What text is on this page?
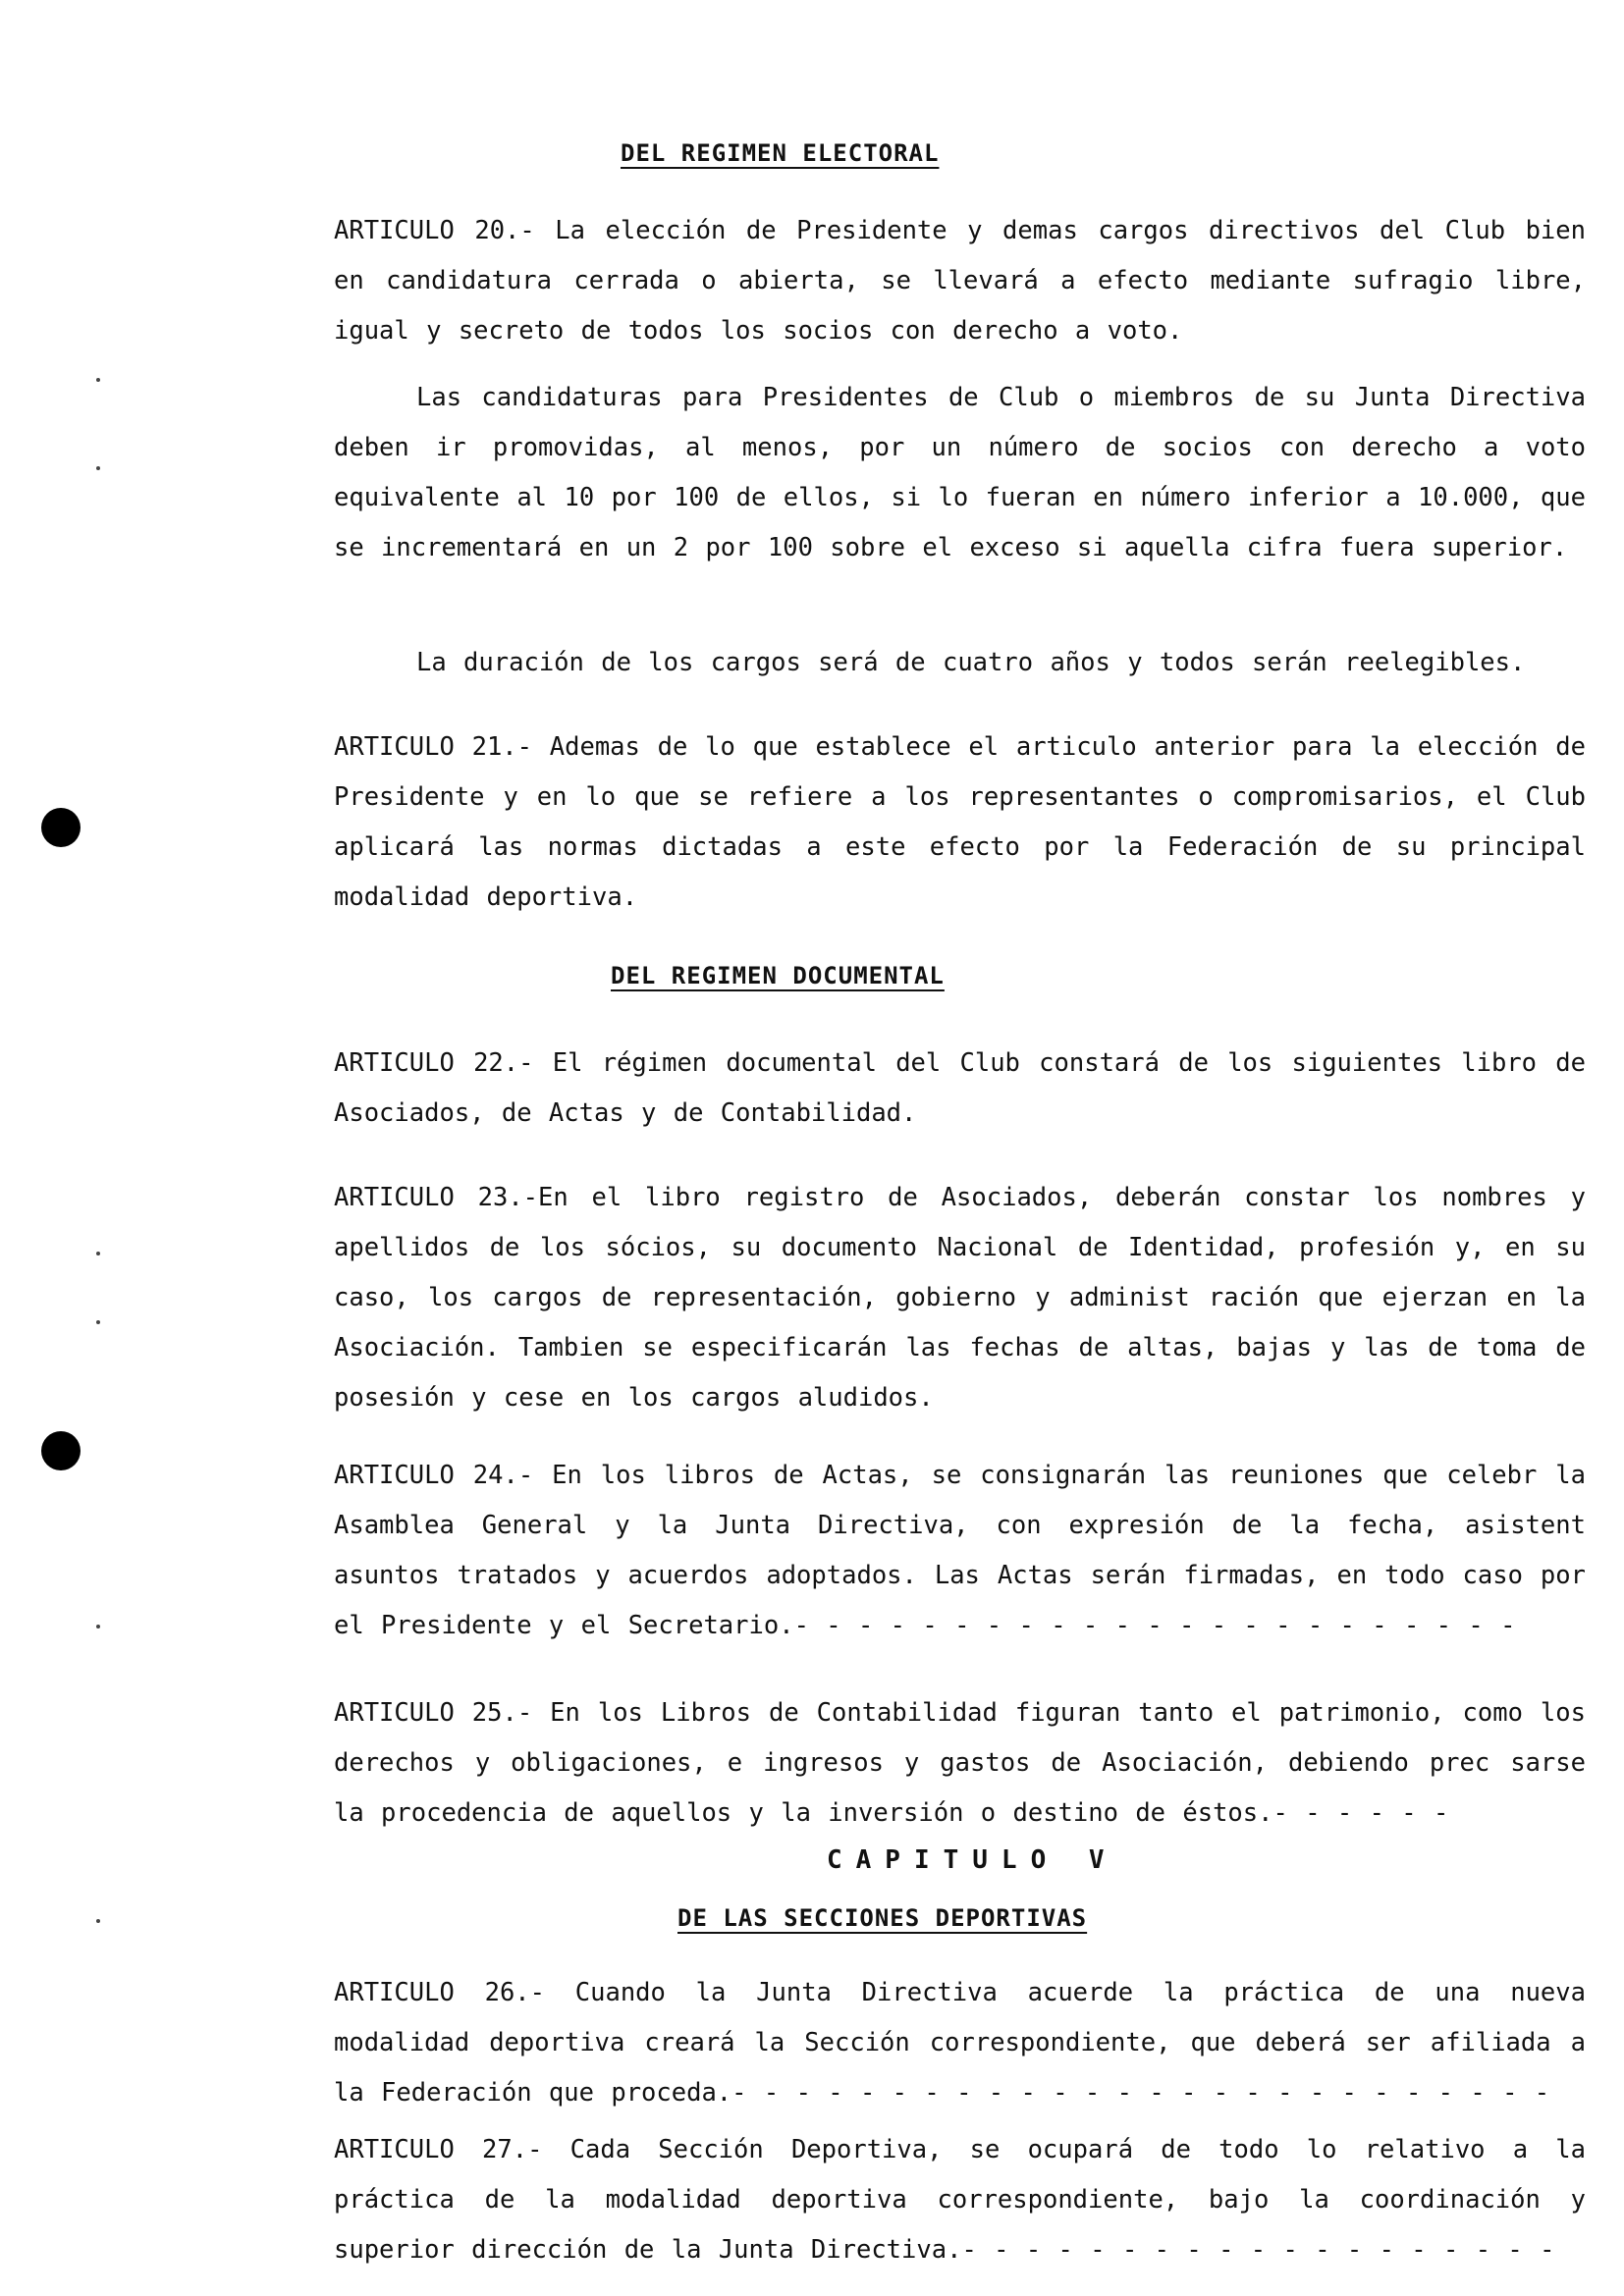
DEL REGIMEN ELECTORAL
ARTICULO 20.- La elección de Presidente y demas cargos directivos del Club bien en candidatura cerrada o abierta, se llevará a efecto mediante sufragio libre, igual y secreto de todos los socios con derecho a voto.
Las candidaturas para Presidentes de Club o miembros de su Junta Directiva deben ir promovidas, al menos, por un número de socios con derecho a voto equivalente al 10 por 100 de ellos, si lo fueran en número inferior a 10.000, que se incrementará en un 2 por 100 sobre el exceso si aquella cifra fuera superior.
La duración de los cargos será de cuatro años y todos serán reelegibles.
ARTICULO 21.- Ademas de lo que establece el articulo anterior para la elección de Presidente y en lo que se refiere a los representantes o compromisarios, el Club aplicará las normas dictadas a este efecto por la Federación de su principal modalidad deportiva.
DEL REGIMEN DOCUMENTAL
ARTICULO 22.- El régimen documental del Club constará de los siguientes libro de Asociados, de Actas y de Contabilidad.
ARTICULO 23.-En el libro registro de Asociados, deberán constar los nombres y apellidos de los sócios, su documento Nacional de Identidad, profesión y, en su caso, los cargos de representación, gobierno y administ ración que ejerzan en la Asociación. Tambien se especificarán las fechas de altas, bajas y las de toma de posesión y cese en los cargos aludidos.
ARTICULO 24.- En los libros de Actas, se consignarán las reuniones que celebr la Asamblea General y la Junta Directiva, con expresión de la fecha, asistent asuntos tratados y acuerdos adoptados. Las Actas serán firmadas, en todo caso por el Presidente y el Secretario.- - - - - - - - - - - - - - - - - - - - - - -
ARTICULO 25.- En los Libros de Contabilidad figuran tanto el patrimonio, como los derechos y obligaciones, e ingresos y gastos de Asociación, debiendo prec sarse la procedencia de aquellos y la inversión o destino de éstos.- - - - - -
CAPITULO V
DE LAS SECCIONES DEPORTIVAS
ARTICULO 26.- Cuando la Junta Directiva acuerde la práctica de una nueva modalidad deportiva creará la Sección correspondiente, que deberá ser afiliada a la Federación que proceda.- - - - - - - - - - - - - - - - - - - - - - - - - -
ARTICULO 27.- Cada Sección Deportiva, se ocupará de todo lo relativo a la práctica de la modalidad deportiva correspondiente, bajo la coordinación y superior dirección de la Junta Directiva.- - - - - - - - - - - - - - - - - - -
